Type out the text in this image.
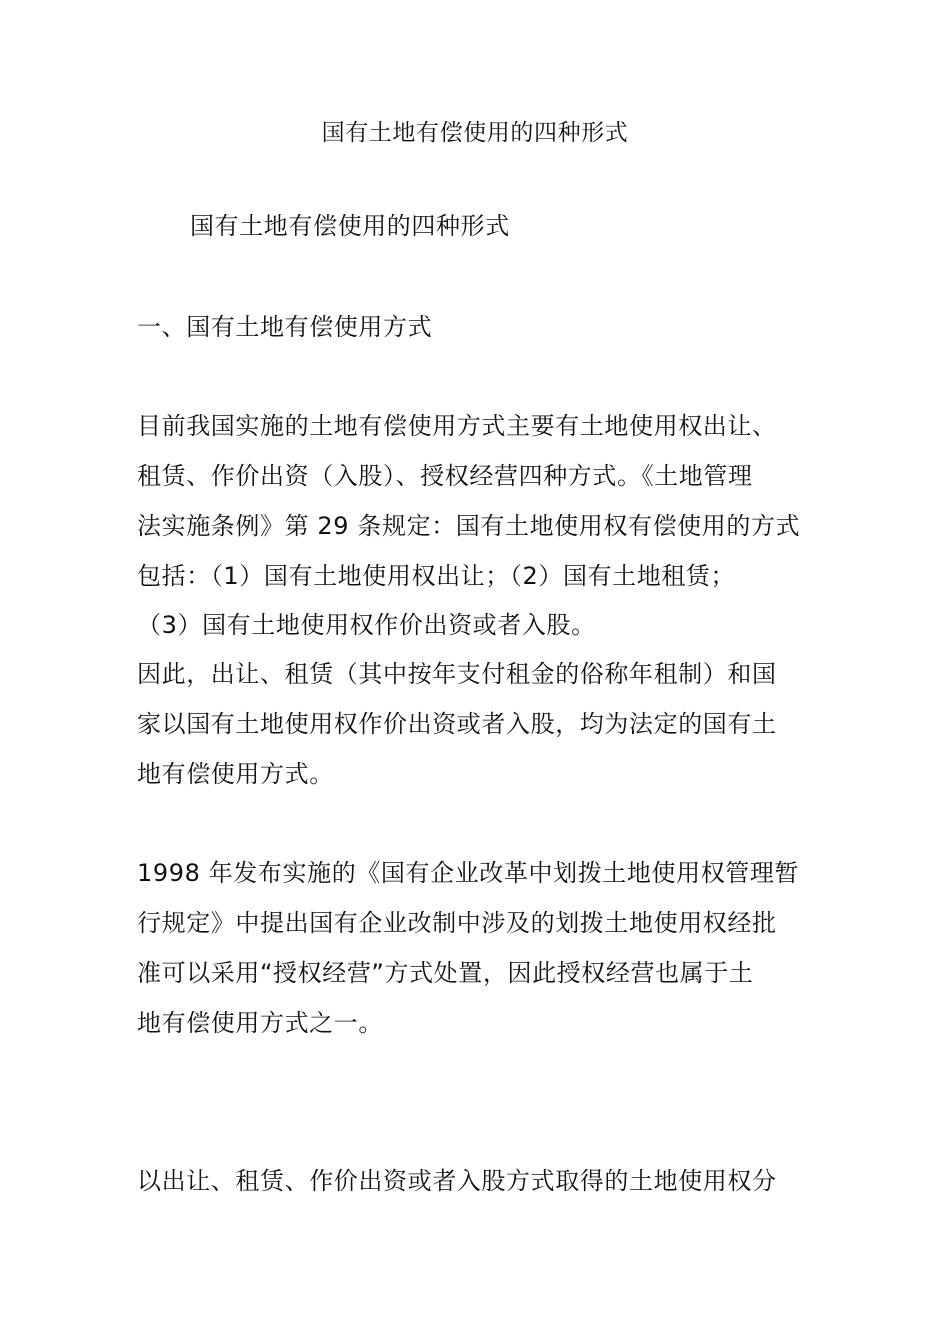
国有土地有偿使用的四种形式
国有土地有偿使用的四种形式
一、国有土地有偿使用方式
目前我国实施的土地有偿使用方式主要有土地使用权出让、
租赁、作价出资（入股）、授权经营四种方式。《土地管理
法实施条例》第 29 条规定：国有土地使用权有偿使用的方式
包括：（1）国有土地使用权出让；（2）国有土地租赁；
（3）国有土地使用权作价出资或者入股。
因此，出让、租赁（其中按年支付租金的俗称年租制）和国
家以国有土地使用权作价出资或者入股，均为法定的国有土
地有偿使用方式。
1998 年发布实施的《国有企业改革中划拨土地使用权管理暂
行规定》中提出国有企业改制中涉及的划拨土地使用权经批
准可以采用“授权经营”方式处置，因此授权经营也属于土
地有偿使用方式之一。
以出让、租赁、作价出资或者入股方式取得的土地使用权分
